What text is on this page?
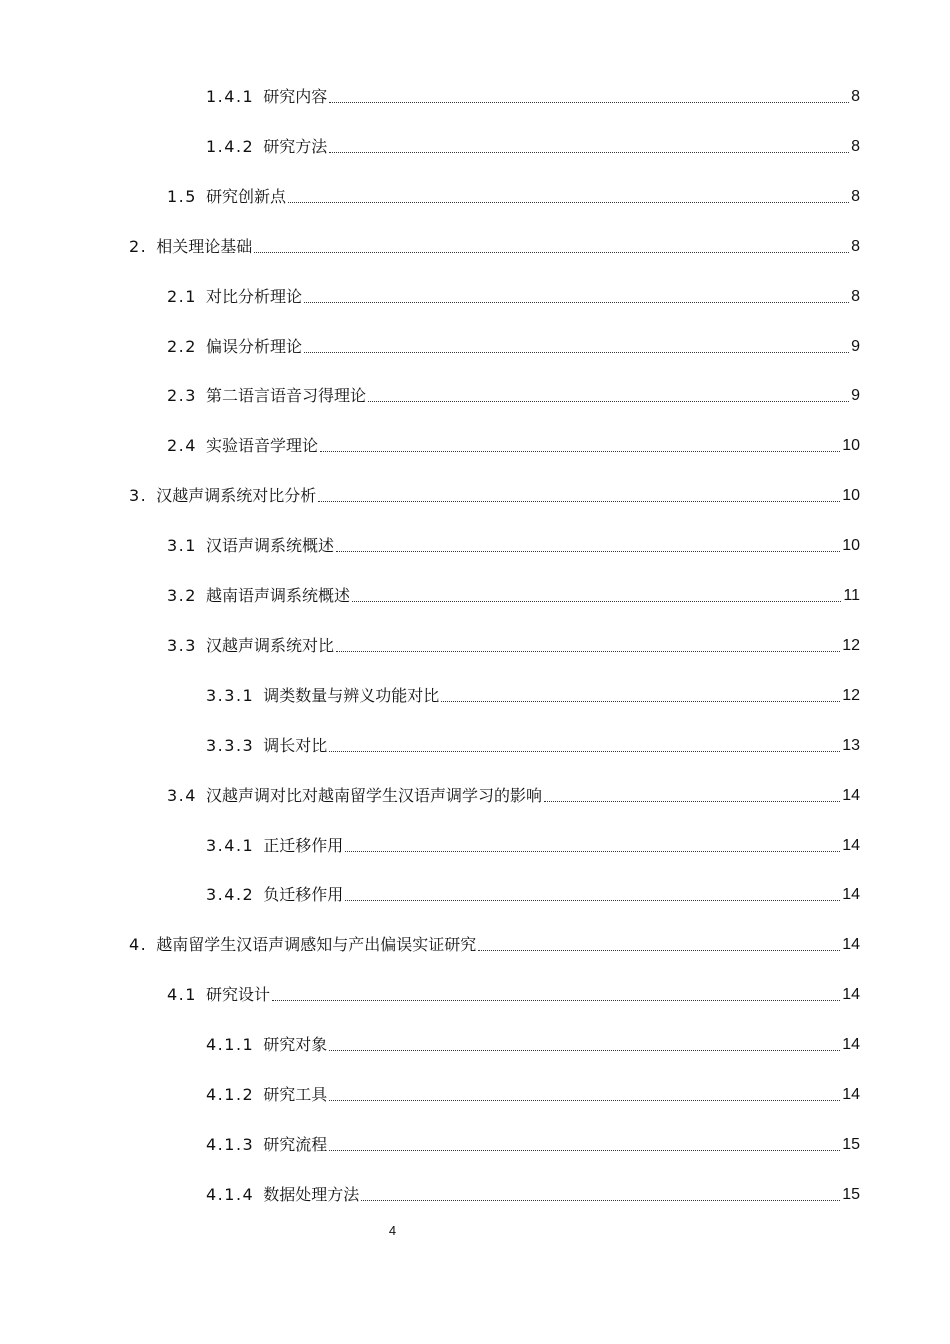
1.4.1 研究内容	8
1.4.2 研究方法	8
1.5 研究创新点	8
2. 相关理论基础	8
2.1 对比分析理论	8
2.2 偏误分析理论	9
2.3 第二语言语音习得理论	9
2.4 实验语音学理论	10
3. 汉越声调系统对比分析	10
3.1 汉语声调系统概述	10
3.2 越南语声调系统概述	11
3.3 汉越声调系统对比	12
3.3.1 调类数量与辨义功能对比	12
3.3.3 调长对比	13
3.4 汉越声调对比对越南留学生汉语声调学习的影响	14
3.4.1 正迁移作用	14
3.4.2 负迁移作用	14
4. 越南留学生汉语声调感知与产出偏误实证研究	14
4.1 研究设计	14
4.1.1 研究对象	14
4.1.2 研究工具	14
4.1.3 研究流程	15
4.1.4 数据处理方法	15
4
